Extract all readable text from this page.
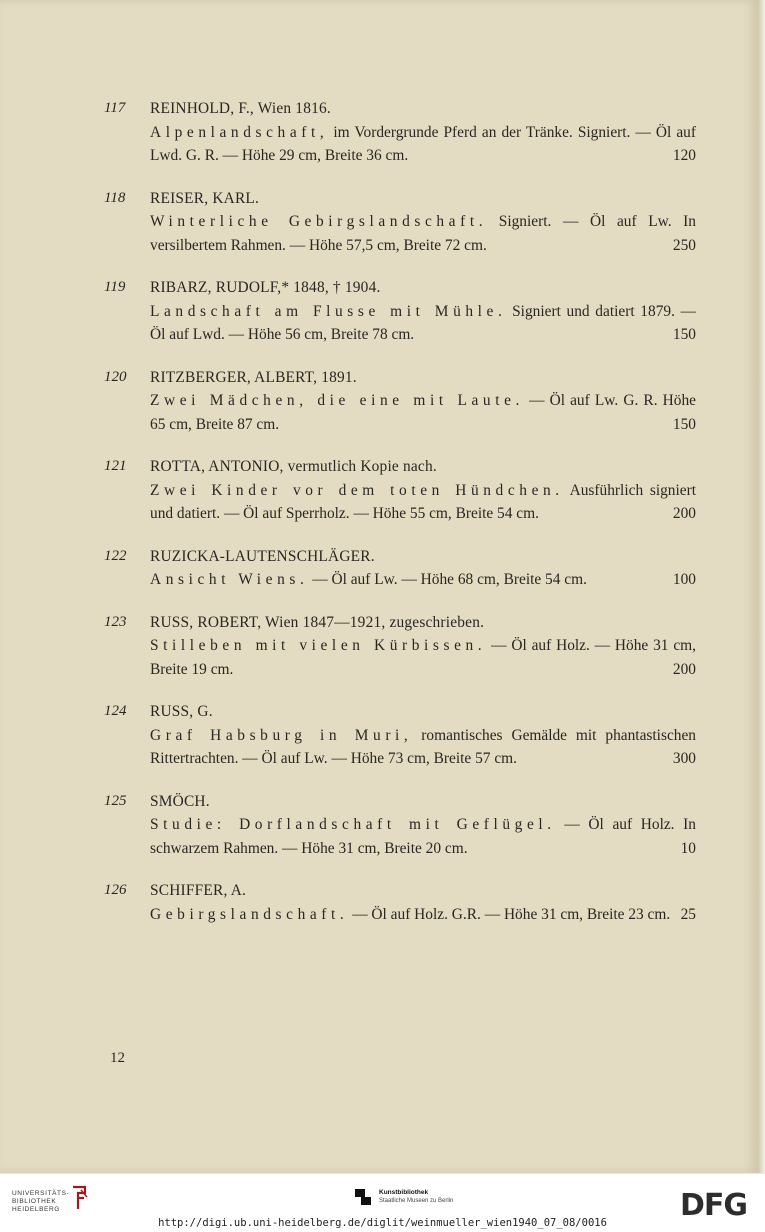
117	REINHOLD, F., Wien 1816.
Alpenlandschaft, im Vordergrunde Pferd an der Tränke. Signiert. — Öl auf Lwd. G. R. — Höhe 29 cm, Breite 36 cm.	120
118	REISER, KARL.
Winterliche Gebirgslandschaft. Signiert. — Öl auf Lw. In versilbertem Rahmen. — Höhe 57,5 cm, Breite 72 cm.	250
119	RIBARZ, RUDOLF,* 1848, † 1904.
Landschaft am Flusse mit Mühle. Signiert und datiert 1879. — Öl auf Lwd. — Höhe 56 cm, Breite 78 cm.	150
120	RITZBERGER, ALBERT, 1891.
Zwei Mädchen, die eine mit Laute. — Öl auf Lw. G. R. Höhe 65 cm, Breite 87 cm.	150
121	ROTTA, ANTONIO, vermutlich Kopie nach.
Zwei Kinder vor dem toten Hündchen. Ausführlich signiert und datiert. — Öl auf Sperrholz. — Höhe 55 cm, Breite 54 cm.	200
122	RUZICKA-LAUTENSCHLÄGER.
Ansicht Wiens. — Öl auf Lw. — Höhe 68 cm, Breite 54 cm.	100
123	RUSS, ROBERT, Wien 1847—1921, zugeschrieben.
Stilleben mit vielen Kürbissen. — Öl auf Holz. — Höhe 31 cm, Breite 19 cm.	200
124	RUSS, G.
Graf Habsburg in Muri, romantisches Gemälde mit phantastischen Rittertrachten. — Öl auf Lw. — Höhe 73 cm, Breite 57 cm.	300
125	SMÖCH.
Studie: Dorflandschaft mit Geflügel. — Öl auf Holz. In schwarzem Rahmen. — Höhe 31 cm, Breite 20 cm.	10
126	SCHIFFER, A.
Gebirgslandschaft. — Öl auf Holz. G.R. — Höhe 31 cm, Breite 23 cm. 25
12
UNIVERSITÄTS-
BIBLIOTHEK
HEIDELBERG
Kunstbibliothek
Staatliche Museen zu Berlin	DFG
http://digi.ub.uni-heidelberg.de/diglit/weinmueller_wien1940_07_08/0016
